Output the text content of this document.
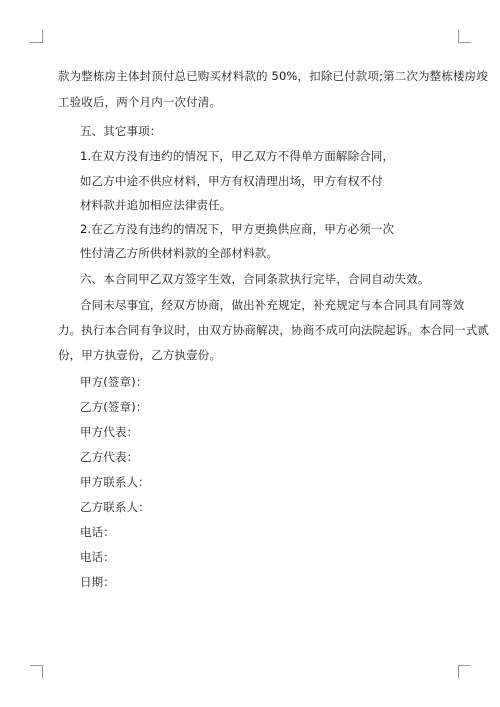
款为整栋房主体封顶付总已购买材料款的 50%，扣除已付款项;第二次为整栋楼房竣
工验收后，两个月内一次付清。
五、其它事项：
1.在双方没有违约的情况下，甲乙双方不得单方面解除合同，
如乙方中途不供应材料，甲方有权清理出场，甲方有权不付
材料款并追加相应法律责任。
2.在乙方没有违约的情况下，甲方更换供应商，甲方必须一次
性付清乙方所供材料款的全部材料款。
六、本合同甲乙双方签字生效，合同条款执行完毕，合同自动失效。
合同未尽事宜，经双方协商，做出补充规定，补充规定与本合同具有同等效
力。执行本合同有争议时，由双方协商解决，协商不成可向法院起诉。本合同一式贰
份，甲方执壹份，乙方执壹份。
甲方(签章)：
乙方(签章)：
甲方代表：
乙方代表：
甲方联系人：
乙方联系人：
电话：
电话：
日期：
